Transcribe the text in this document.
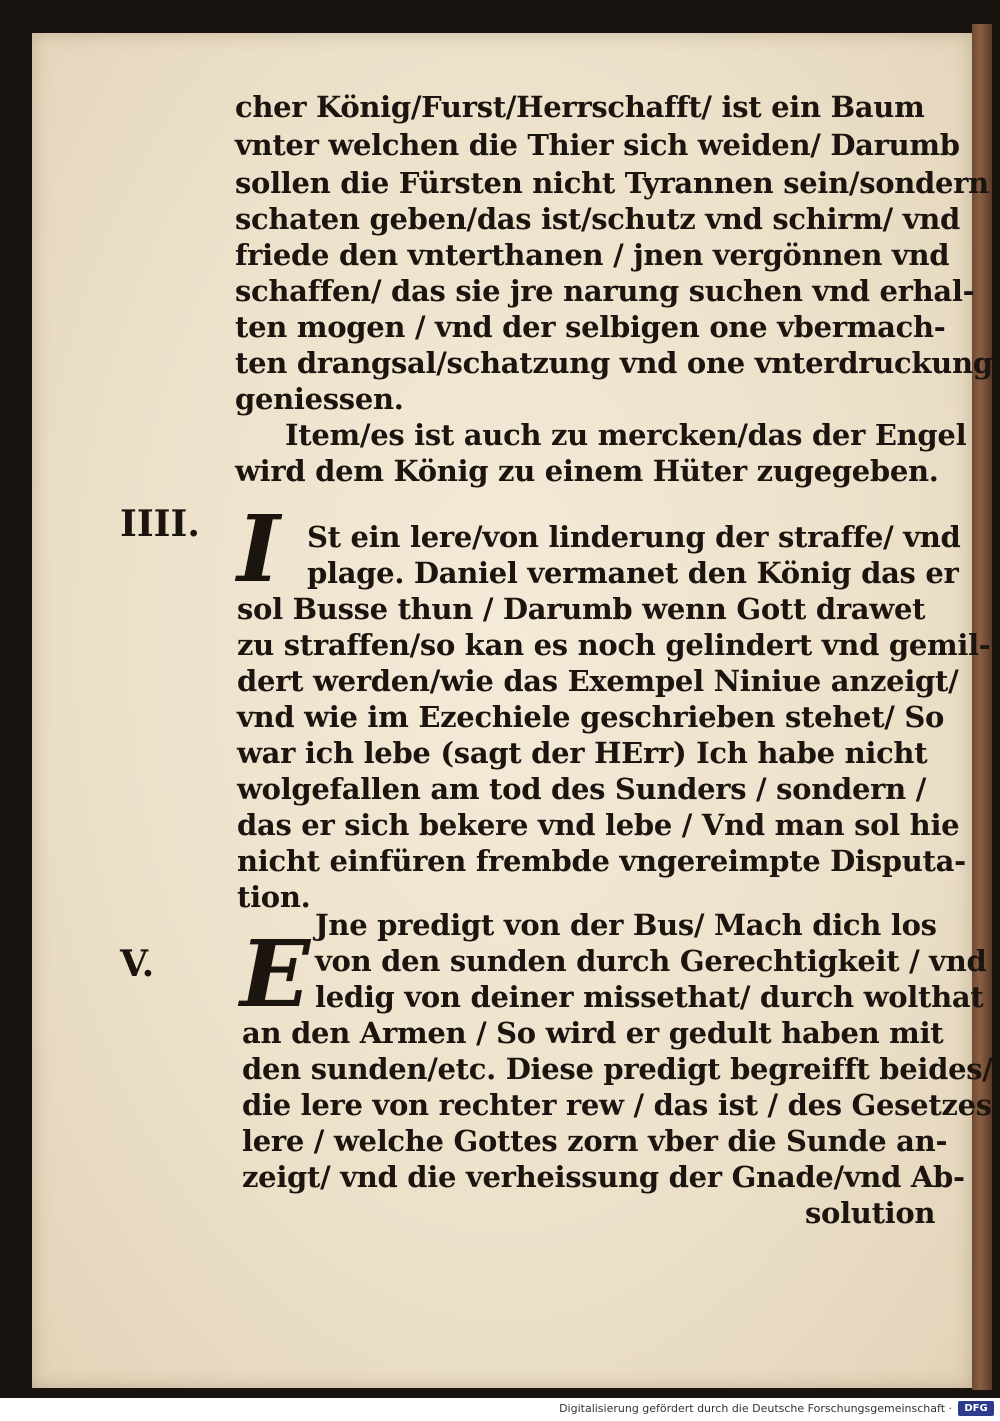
cher König/Furst/Herrschafft/ ist ein Baum
vnter welchen die Thier sich weiden/ Darumb
sollen die Fürsten nicht Tyrannen sein/sondern
schaten geben/das ist/schutz vnd schirm/ vnd
friede den vnterthanen / jnen vergönnen vnd
schaffen/ das sie jre narung suchen vnd erhal-
ten mogen / vnd der selbigen one vbermach-
ten drangsal/schatzung vnd one vnterdruckung
geniessen.
Item/es ist auch zu mercken/das der Engel
wird dem König zu einem Hüter zugegeben.
IIII. I St ein lere/von linderung der straffe/ vnd
plage. Daniel vermanet den König das er
sol Busse thun / Darumb wenn Gott drawet
zu straffen/so kan es noch gelindert vnd gemil-
dert werden/wie das Exempel Niniue anzeigt/
vnd wie im Ezechiele geschrieben stehet/ So
war ich lebe (sagt der HErr) Ich habe nicht
wolgefallen am tod des Sunders / sondern /
das er sich bekere vnd lebe / Vnd man sol hie
nicht einfüren frembde vngereimpte Disputa-
tion.
V. E Jne predigt von der Bus/ Mach dich los
von den sunden durch Gerechtigkeit / vnd
ledig von deiner missethat/ durch wolthat
an den Armen / So wird er gedult haben mit
den sunden/etc. Diese predigt begreifft beides/
die lere von rechter rew / das ist / des Gesetzes
lere / welche Gottes zorn vber die Sunde an-
zeigt/ vnd die verheissung der Gnade/vnd Ab-
solution
Digitalisierung gefördert durch die Deutsche Forschungsgemeinschaft ·	DFG
